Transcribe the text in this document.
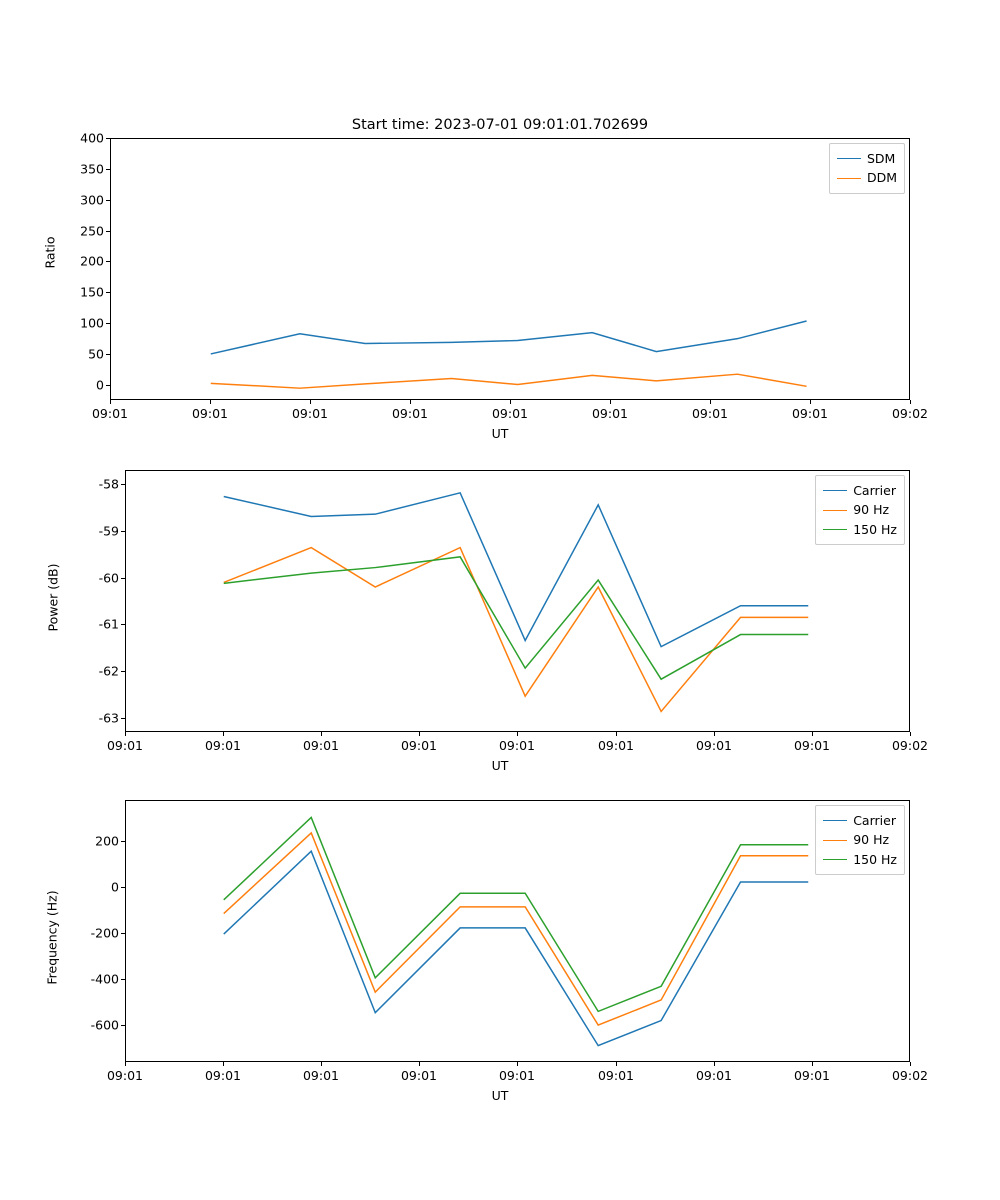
Start time: 2023-07-01 09:01:01.702699
Ratio
SDM
DDM
400
350
300
250
200
150
100
50
0
09:01	09:01	09:01	09:01	09:01	09:01	09:01	09:01	09:02
UT
Power (dB)
Carrier
90 Hz
150 Hz
-58
-59
-60
-61
-62
-63
09:01	09:01	09:01	09:01	09:01	09:01	09:01	09:01	09:02
UT
Frequency (Hz)
Carrier
90 Hz
150 Hz
200
0
-200
-400
-600
09:01	09:01	09:01	09:01	09:01	09:01	09:01	09:01	09:02
UT
